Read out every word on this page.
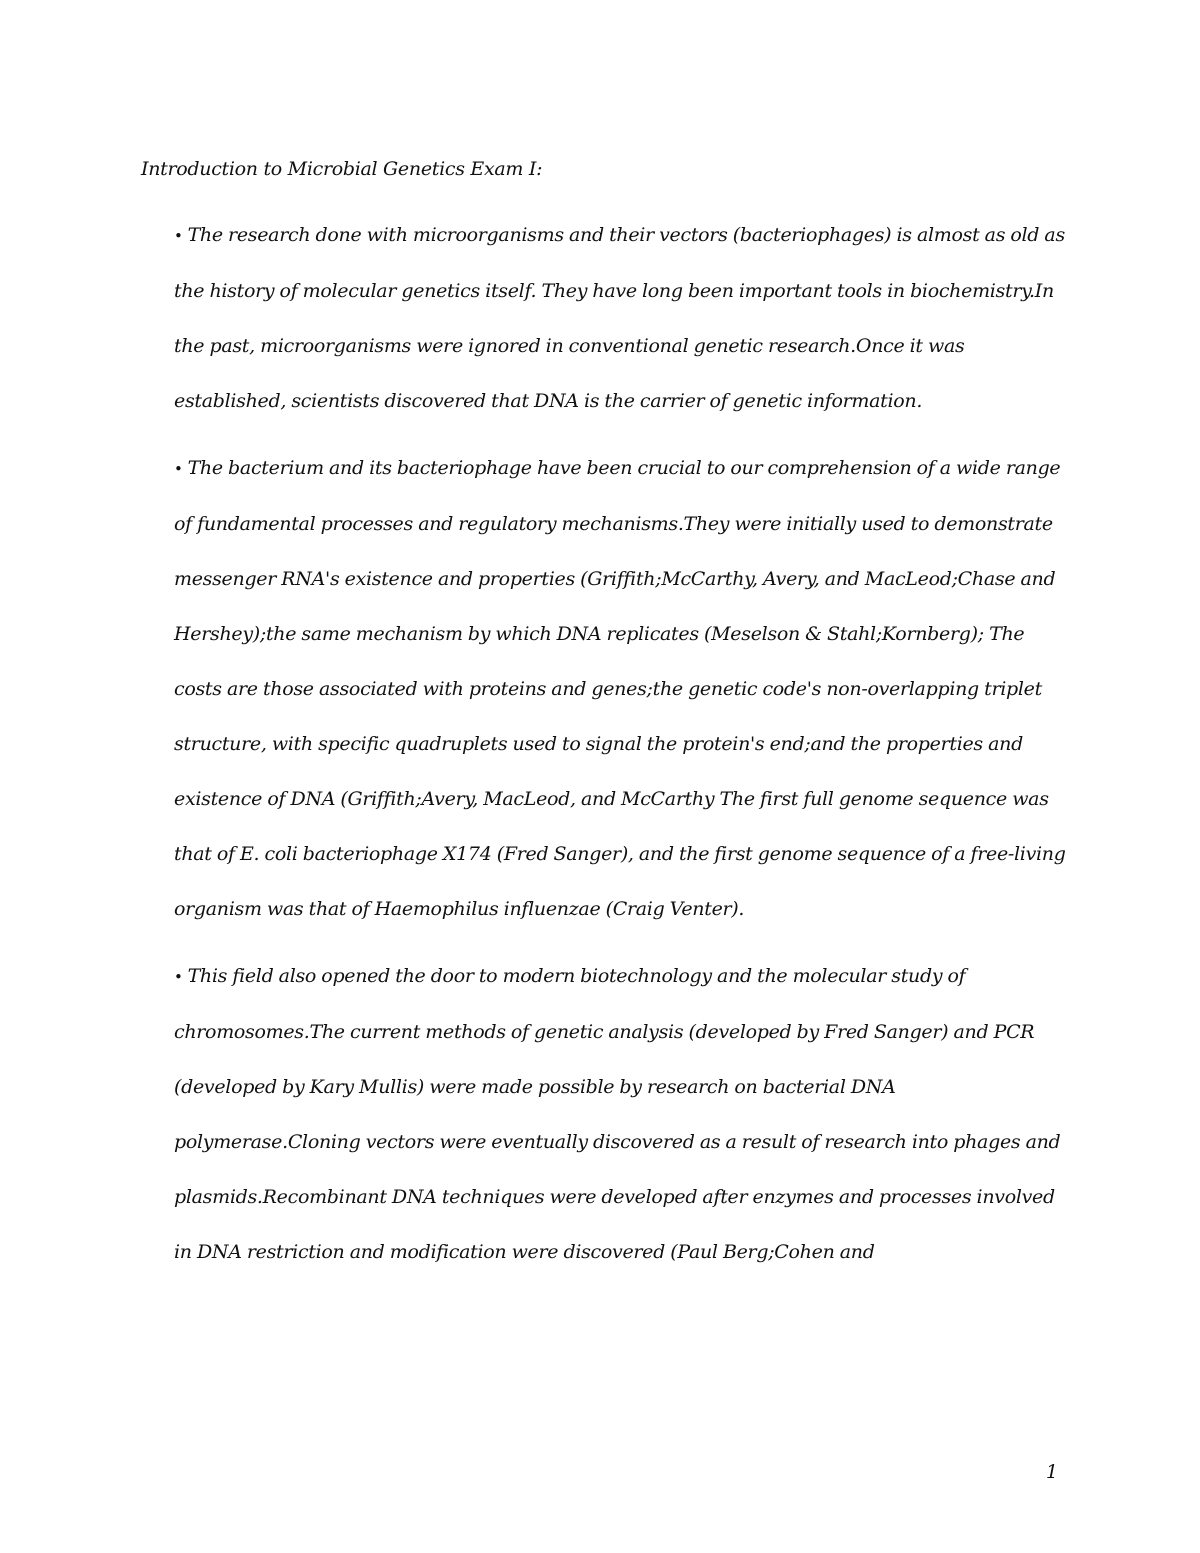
Introduction to Microbial Genetics Exam I:

• The research done with microorganisms and their vectors (bacteriophages) is almost as old as the history of molecular genetics itself. They have long been important tools in biochemistry.In the past, microorganisms were ignored in conventional genetic research.Once it was established, scientists discovered that DNA is the carrier of genetic information.

• The bacterium and its bacteriophage have been crucial to our comprehension of a wide range of fundamental processes and regulatory mechanisms.They were initially used to demonstrate messenger RNA's existence and properties (Griffith;McCarthy, Avery, and MacLeod;Chase and Hershey);the same mechanism by which DNA replicates (Meselson & Stahl;Kornberg); The costs are those associated with proteins and genes;the genetic code's non-overlapping triplet structure, with specific quadruplets used to signal the protein's end;and the properties and existence of DNA (Griffith;Avery, MacLeod, and McCarthy The first full genome sequence was that of E. coli bacteriophage X174 (Fred Sanger), and the first genome sequence of a free-living organism was that of Haemophilus influenzae (Craig Venter).

• This field also opened the door to modern biotechnology and the molecular study of chromosomes.The current methods of genetic analysis (developed by Fred Sanger) and PCR (developed by Kary Mullis) were made possible by research on bacterial DNA polymerase.Cloning vectors were eventually discovered as a result of research into phages and plasmids.Recombinant DNA techniques were developed after enzymes and processes involved in DNA restriction and modification were discovered (Paul Berg;Cohen and

1
